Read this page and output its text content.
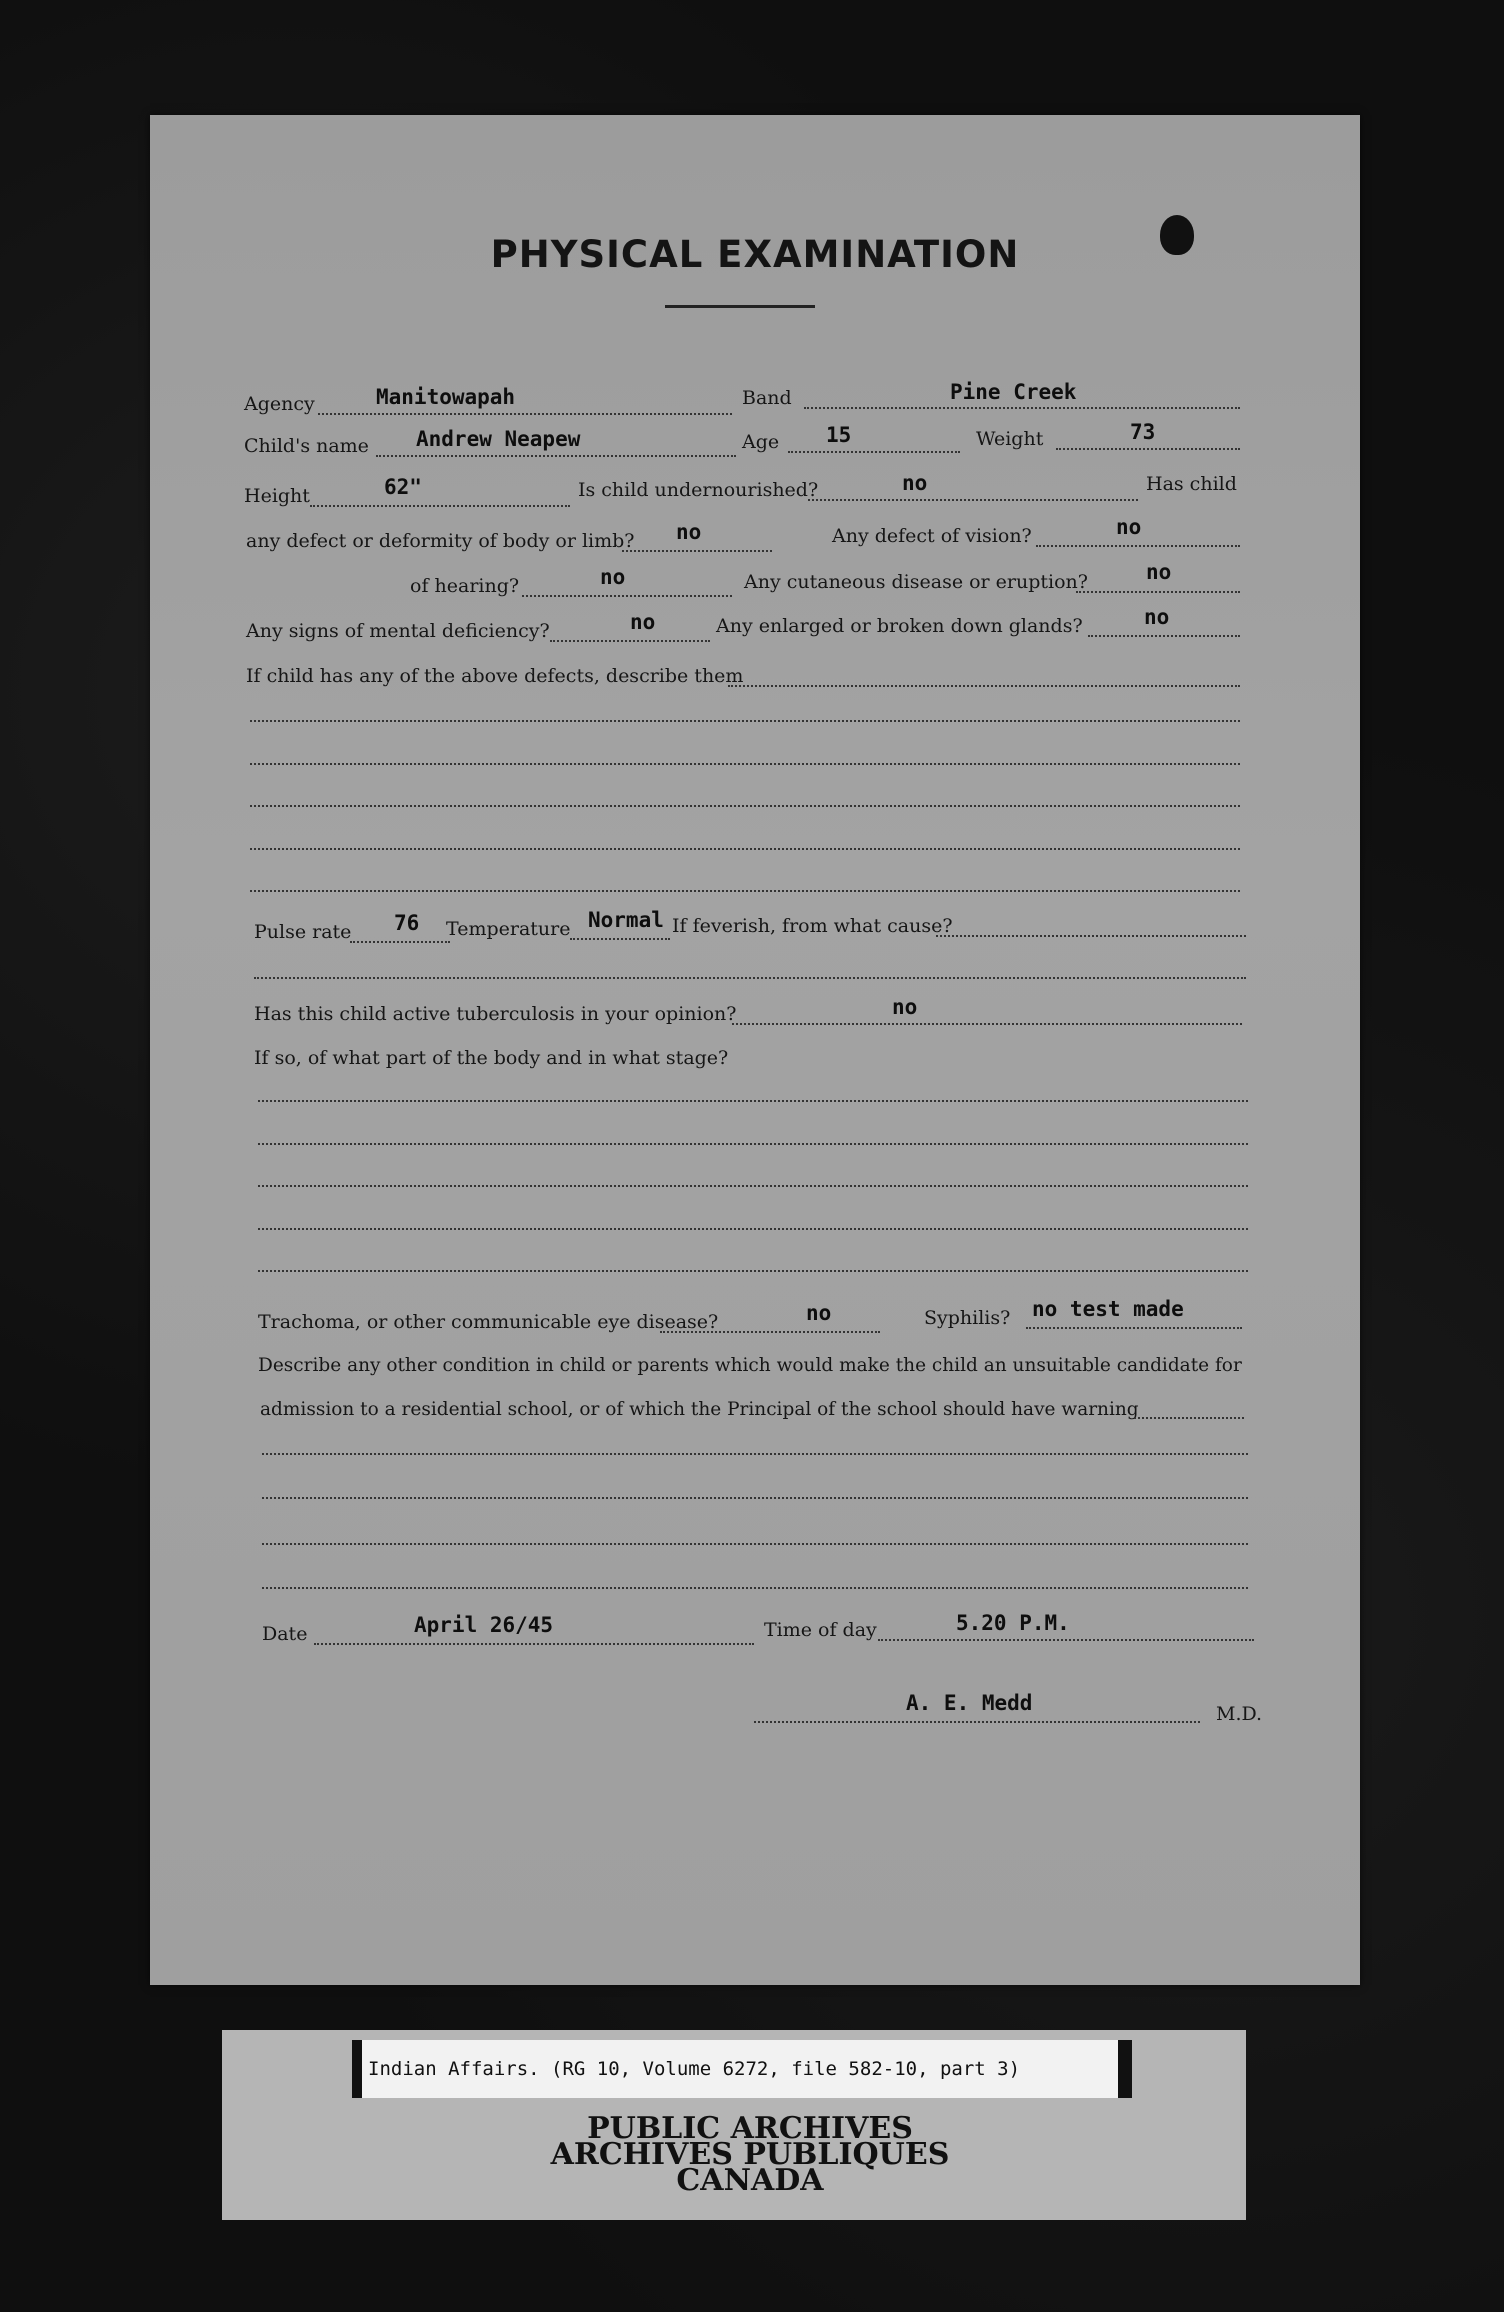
PHYSICAL EXAMINATION
Agency	Manitowapah	Band	Pine Creek
Child's name Andrew Neapew	Age 15	Weight	73
Height	62"	Is child undernourished?	no	Has child
any defect or deformity of body or limb? no	Any defect of vision?	no
of hearing?	no	Any cutaneous disease or eruption?	no
Any signs of mental deficiency?	no	Any enlarged or broken down glands?	no
If child has any of the above defects, describe them
Pulse rate 76 Temperature Normal If feverish, from what cause?
Has this child active tuberculosis in your opinion?	no
If so, of what part of the body and in what stage?
Trachoma, or other communicable eye disease?	no	Syphilis? no test made
Describe any other condition in child or parents which would make the child an unsuitable candidate for
admission to a residential school, or of which the Principal of the school should have warning
Date	April 26/45	Time of day	5.20 P.M.
A. E. Medd	M.D.
Indian Affairs. (RG 10, Volume 6272, file 582-10, part 3)
PUBLIC ARCHIVES
ARCHIVES PUBLIQUES
CANADA
